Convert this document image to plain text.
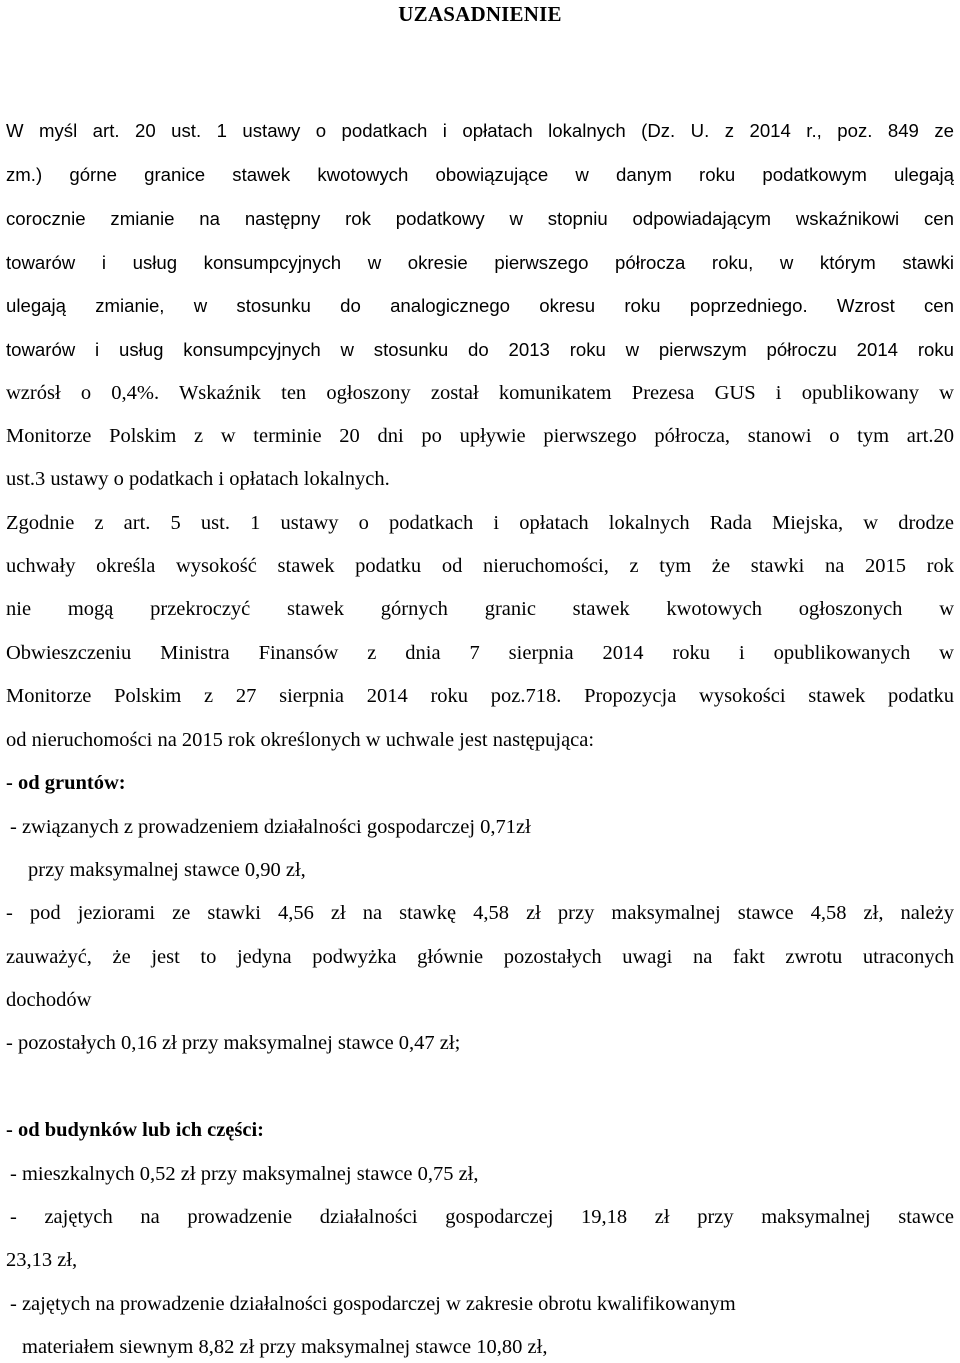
UZASADNIENIE
W myśl art. 20 ust. 1 ustawy o podatkach i opłatach lokalnych (Dz. U. z 2014 r., poz. 849 ze
zm.) górne granice stawek kwotowych obowiązujące w danym roku podatkowym ulegają
corocznie zmianie na następny rok podatkowy w stopniu odpowiadającym wskaźnikowi cen
towarów i usług konsumpcyjnych w okresie pierwszego półrocza roku, w którym stawki
ulegają zmianie, w stosunku do analogicznego okresu roku poprzedniego. Wzrost cen
towarów i usług konsumpcyjnych w stosunku do 2013 roku w pierwszym półroczu 2014 roku
wzrósł o 0,4%. Wskaźnik ten ogłoszony został komunikatem Prezesa GUS i opublikowany w
Monitorze Polskim z w terminie 20 dni po upływie pierwszego półrocza, stanowi o tym art.20
ust.3 ustawy o podatkach i opłatach lokalnych.
Zgodnie z art. 5 ust. 1 ustawy o podatkach i opłatach lokalnych Rada Miejska, w drodze
uchwały określa wysokość stawek podatku od nieruchomości, z tym że stawki na 2015 rok
nie mogą przekroczyć stawek górnych granic stawek kwotowych ogłoszonych w
Obwieszczeniu Ministra Finansów z dnia 7 sierpnia 2014 roku i opublikowanych w
Monitorze Polskim z 27 sierpnia 2014 roku poz.718. Propozycja wysokości stawek podatku
od nieruchomości na 2015 rok określonych w uchwale jest następująca:
- od gruntów:
- związanych z prowadzeniem działalności gospodarczej 0,71zł
przy maksymalnej stawce 0,90 zł,
- pod jeziorami ze stawki 4,56 zł na stawkę 4,58 zł przy maksymalnej stawce 4,58 zł, należy
zauważyć, że jest to jedyna podwyżka głównie pozostałych uwagi na fakt zwrotu utraconych
dochodów
- pozostałych 0,16 zł przy maksymalnej stawce 0,47 zł;
- od budynków lub ich części:
- mieszkalnych 0,52 zł przy maksymalnej stawce 0,75 zł,
- zajętych na prowadzenie działalności gospodarczej 19,18 zł przy maksymalnej stawce
23,13 zł,
- zajętych na prowadzenie działalności gospodarczej w zakresie obrotu kwalifikowanym
materiałem siewnym 8,82 zł przy maksymalnej stawce 10,80 zł,
